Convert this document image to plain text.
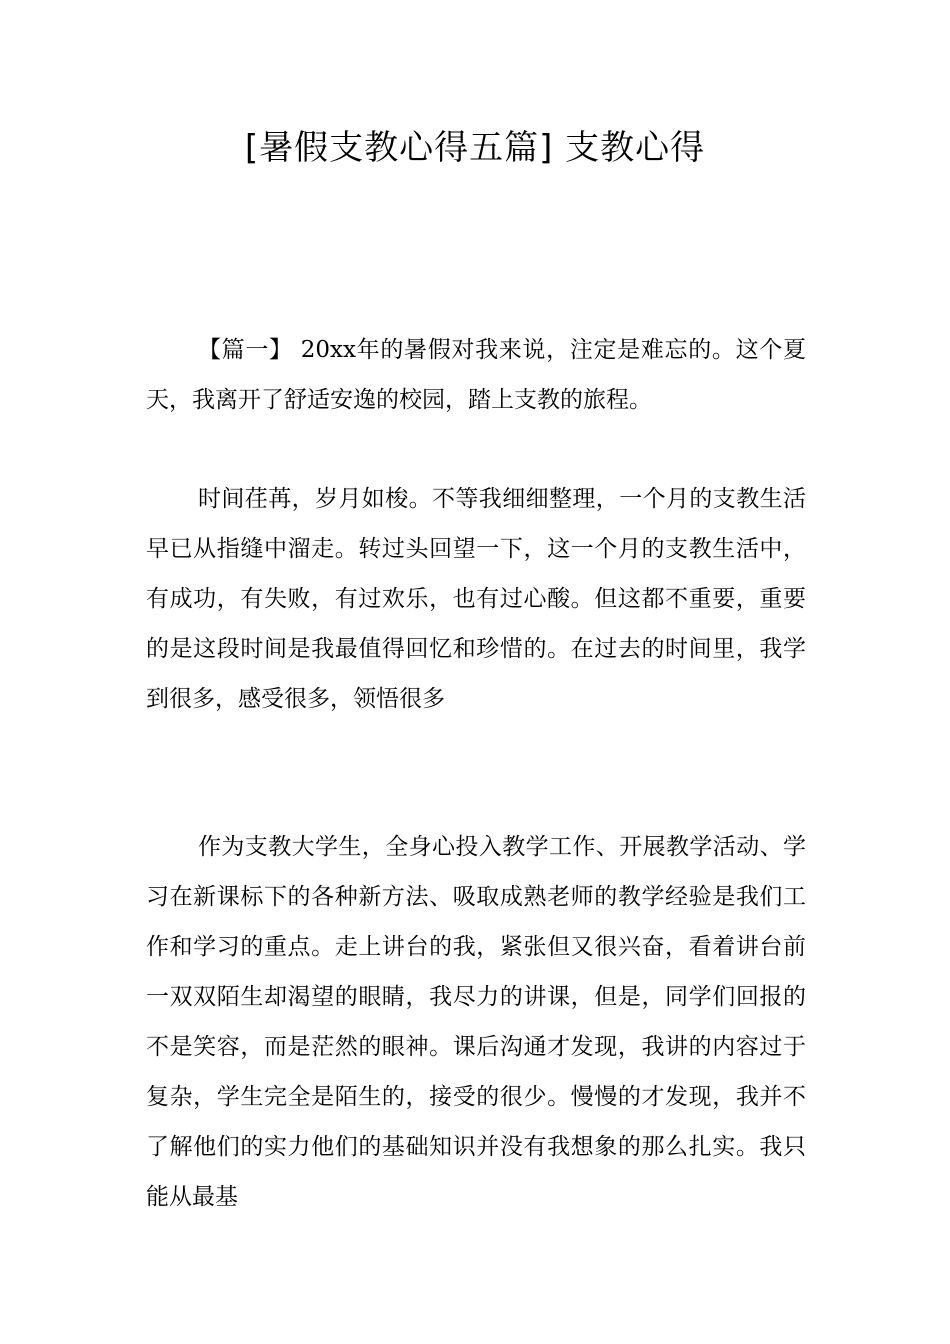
[暑假支教心得五篇] 支教心得

【篇一】 20xx年的暑假对我来说，注定是难忘的。这个夏天，我离开了舒适安逸的校园，踏上支教的旅程。

时间荏苒，岁月如梭。不等我细细整理，一个月的支教生活早已从指缝中溜走。转过头回望一下，这一个月的支教生活中，有成功，有失败，有过欢乐，也有过心酸。但这都不重要，重要的是这段时间是我最值得回忆和珍惜的。在过去的时间里，我学到很多，感受很多，领悟很多

作为支教大学生，全身心投入教学工作、开展教学活动、学习在新课标下的各种新方法、吸取成熟老师的教学经验是我们工作和学习的重点。走上讲台的我，紧张但又很兴奋，看着讲台前一双双陌生却渴望的眼睛，我尽力的讲课，但是，同学们回报的不是笑容，而是茫然的眼神。课后沟通才发现，我讲的内容过于复杂，学生完全是陌生的，接受的很少。慢慢的才发现，我并不了解他们的实力他们的基础知识并没有我想象的那么扎实。我只能从最基
